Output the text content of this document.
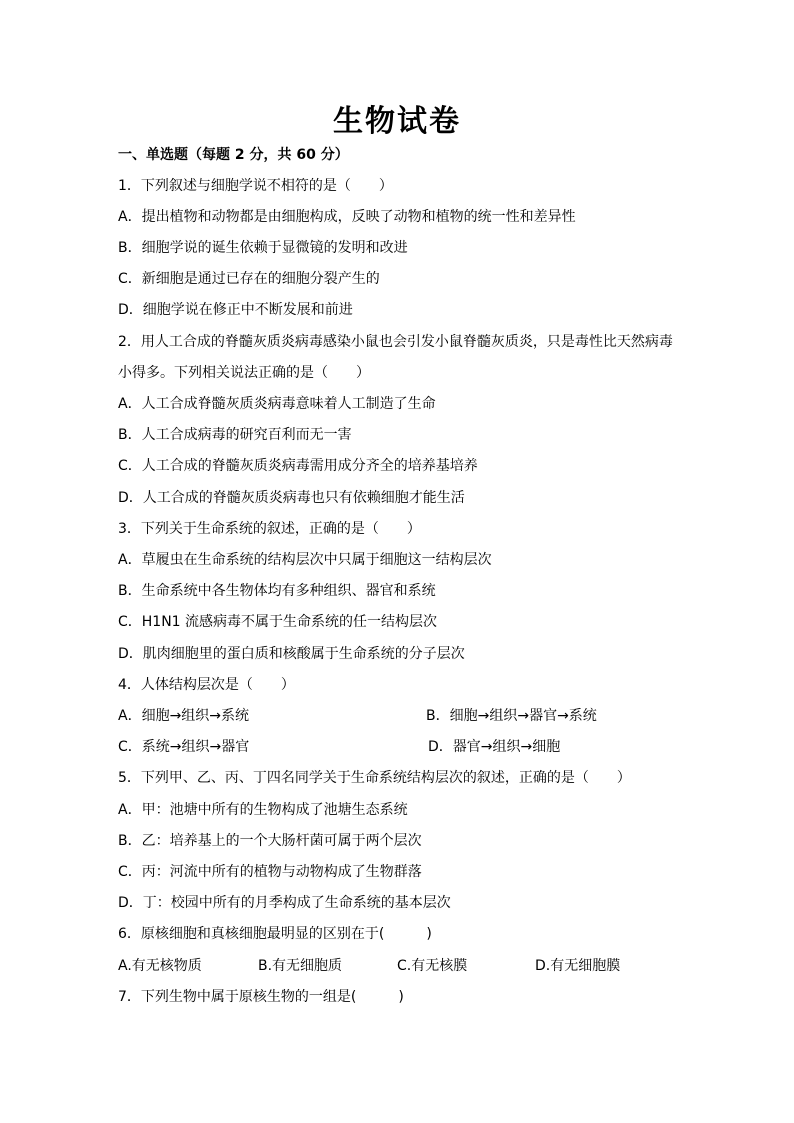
生物试卷
一、单选题（每题 2 分，共 60 分）
1．下列叙述与细胞学说不相符的是（　　）
A．提出植物和动物都是由细胞构成，反映了动物和植物的统一性和差异性
B．细胞学说的诞生依赖于显微镜的发明和改进
C．新细胞是通过已存在的细胞分裂产生的
D．细胞学说在修正中不断发展和前进
2．用人工合成的脊髓灰质炎病毒感染小鼠也会引发小鼠脊髓灰质炎，只是毒性比天然病毒
小得多。下列相关说法正确的是（　　）
A．人工合成脊髓灰质炎病毒意味着人工制造了生命
B．人工合成病毒的研究百利而无一害
C．人工合成的脊髓灰质炎病毒需用成分齐全的培养基培养
D．人工合成的脊髓灰质炎病毒也只有依赖细胞才能生活
3．下列关于生命系统的叙述，正确的是（　　）
A．草履虫在生命系统的结构层次中只属于细胞这一结构层次
B．生命系统中各生物体均有多种组织、器官和系统
C．H1N1 流感病毒不属于生命系统的任一结构层次
D．肌肉细胞里的蛋白质和核酸属于生命系统的分子层次
4．人体结构层次是（　　）
A．细胞→组织→系统	B．细胞→组织→器官→系统
C．系统→组织→器官	D．器官→组织→细胞
5．下列甲、乙、丙、丁四名同学关于生命系统结构层次的叙述，正确的是（　　）
A．甲：池塘中所有的生物构成了池塘生态系统
B．乙：培养基上的一个大肠杆菌可属于两个层次
C．丙：河流中所有的植物与动物构成了生物群落
D．丁：校园中所有的月季构成了生命系统的基本层次
6．原核细胞和真核细胞最明显的区别在于(　　　)
A.有无核物质	B.有无细胞质	C.有无核膜	D.有无细胞膜
7．下列生物中属于原核生物的一组是(　　　)
